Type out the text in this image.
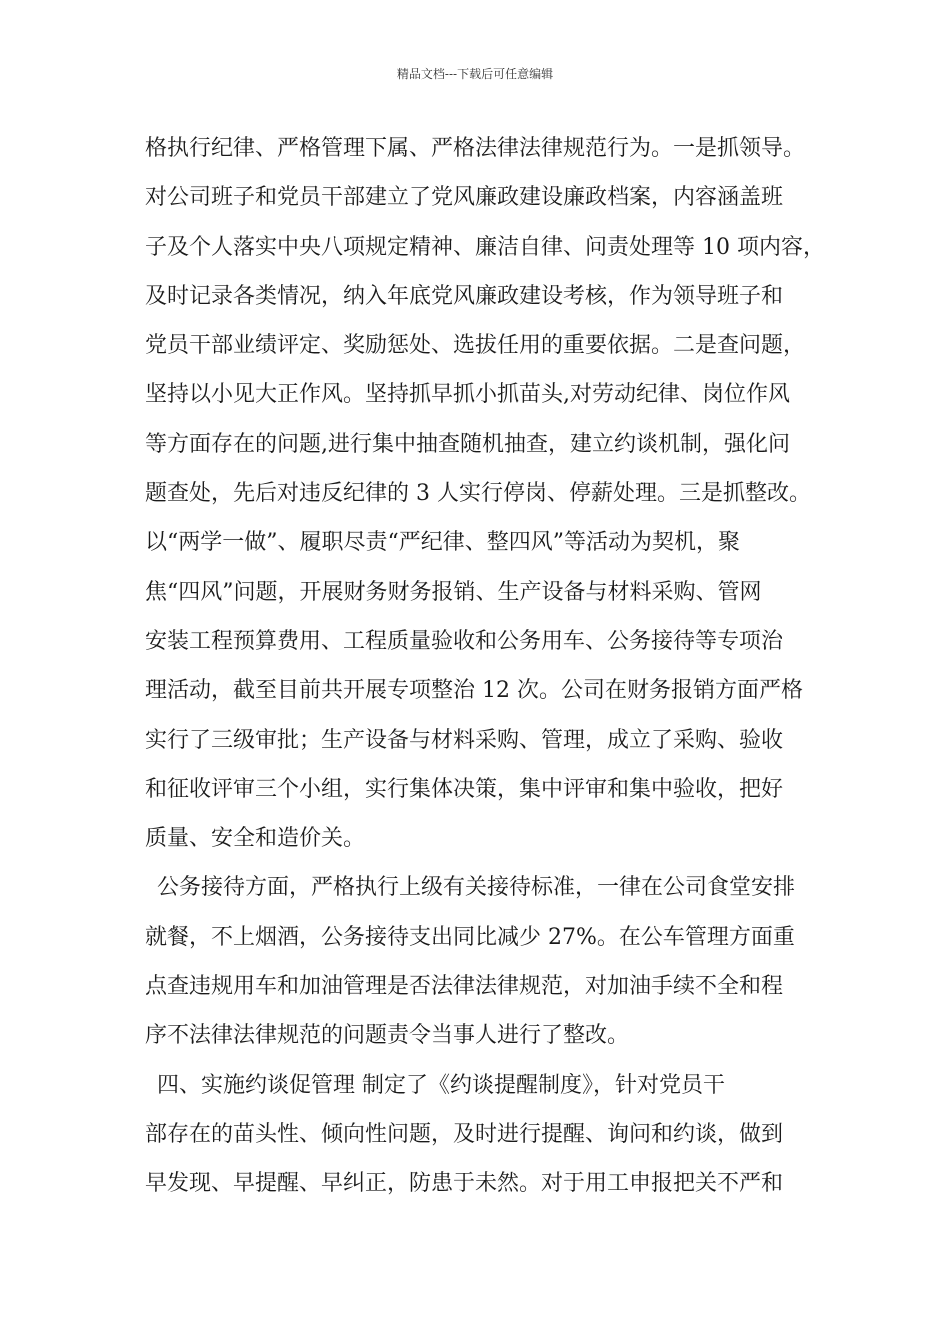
精品文档---下载后可任意编辑
格执行纪律、严格管理下属、严格法律法律规范行为。一是抓领导。
对公司班子和党员干部建立了党风廉政建设廉政档案，内容涵盖班
子及个人落实中央八项规定精神、廉洁自律、问责处理等 10 项内容，
及时记录各类情况，纳入年底党风廉政建设考核，作为领导班子和
党员干部业绩评定、奖励惩处、选拔任用的重要依据。二是查问题，
坚持以小见大正作风。坚持抓早抓小抓苗头,对劳动纪律、岗位作风
等方面存在的问题,进行集中抽查随机抽查，建立约谈机制，强化问
题查处，先后对违反纪律的 3 人实行停岗、停薪处理。三是抓整改。
以“两学一做”、履职尽责“严纪律、整四风”等活动为契机，聚
焦“四风”问题，开展财务财务报销、生产设备与材料采购、管网
安装工程预算费用、工程质量验收和公务用车、公务接待等专项治
理活动，截至目前共开展专项整治 12 次。公司在财务报销方面严格
实行了三级审批；生产设备与材料采购、管理，成立了采购、验收
和征收评审三个小组，实行集体决策，集中评审和集中验收，把好
质量、安全和造价关。
公务接待方面，严格执行上级有关接待标准，一律在公司食堂安排
就餐，不上烟酒，公务接待支出同比减少 27%。在公车管理方面重
点查违规用车和加油管理是否法律法律规范，对加油手续不全和程
序不法律法律规范的问题责令当事人进行了整改。
四、实施约谈促管理 制定了《约谈提醒制度》，针对党员干
部存在的苗头性、倾向性问题，及时进行提醒、询问和约谈，做到
早发现、早提醒、早纠正，防患于未然。对于用工申报把关不严和
